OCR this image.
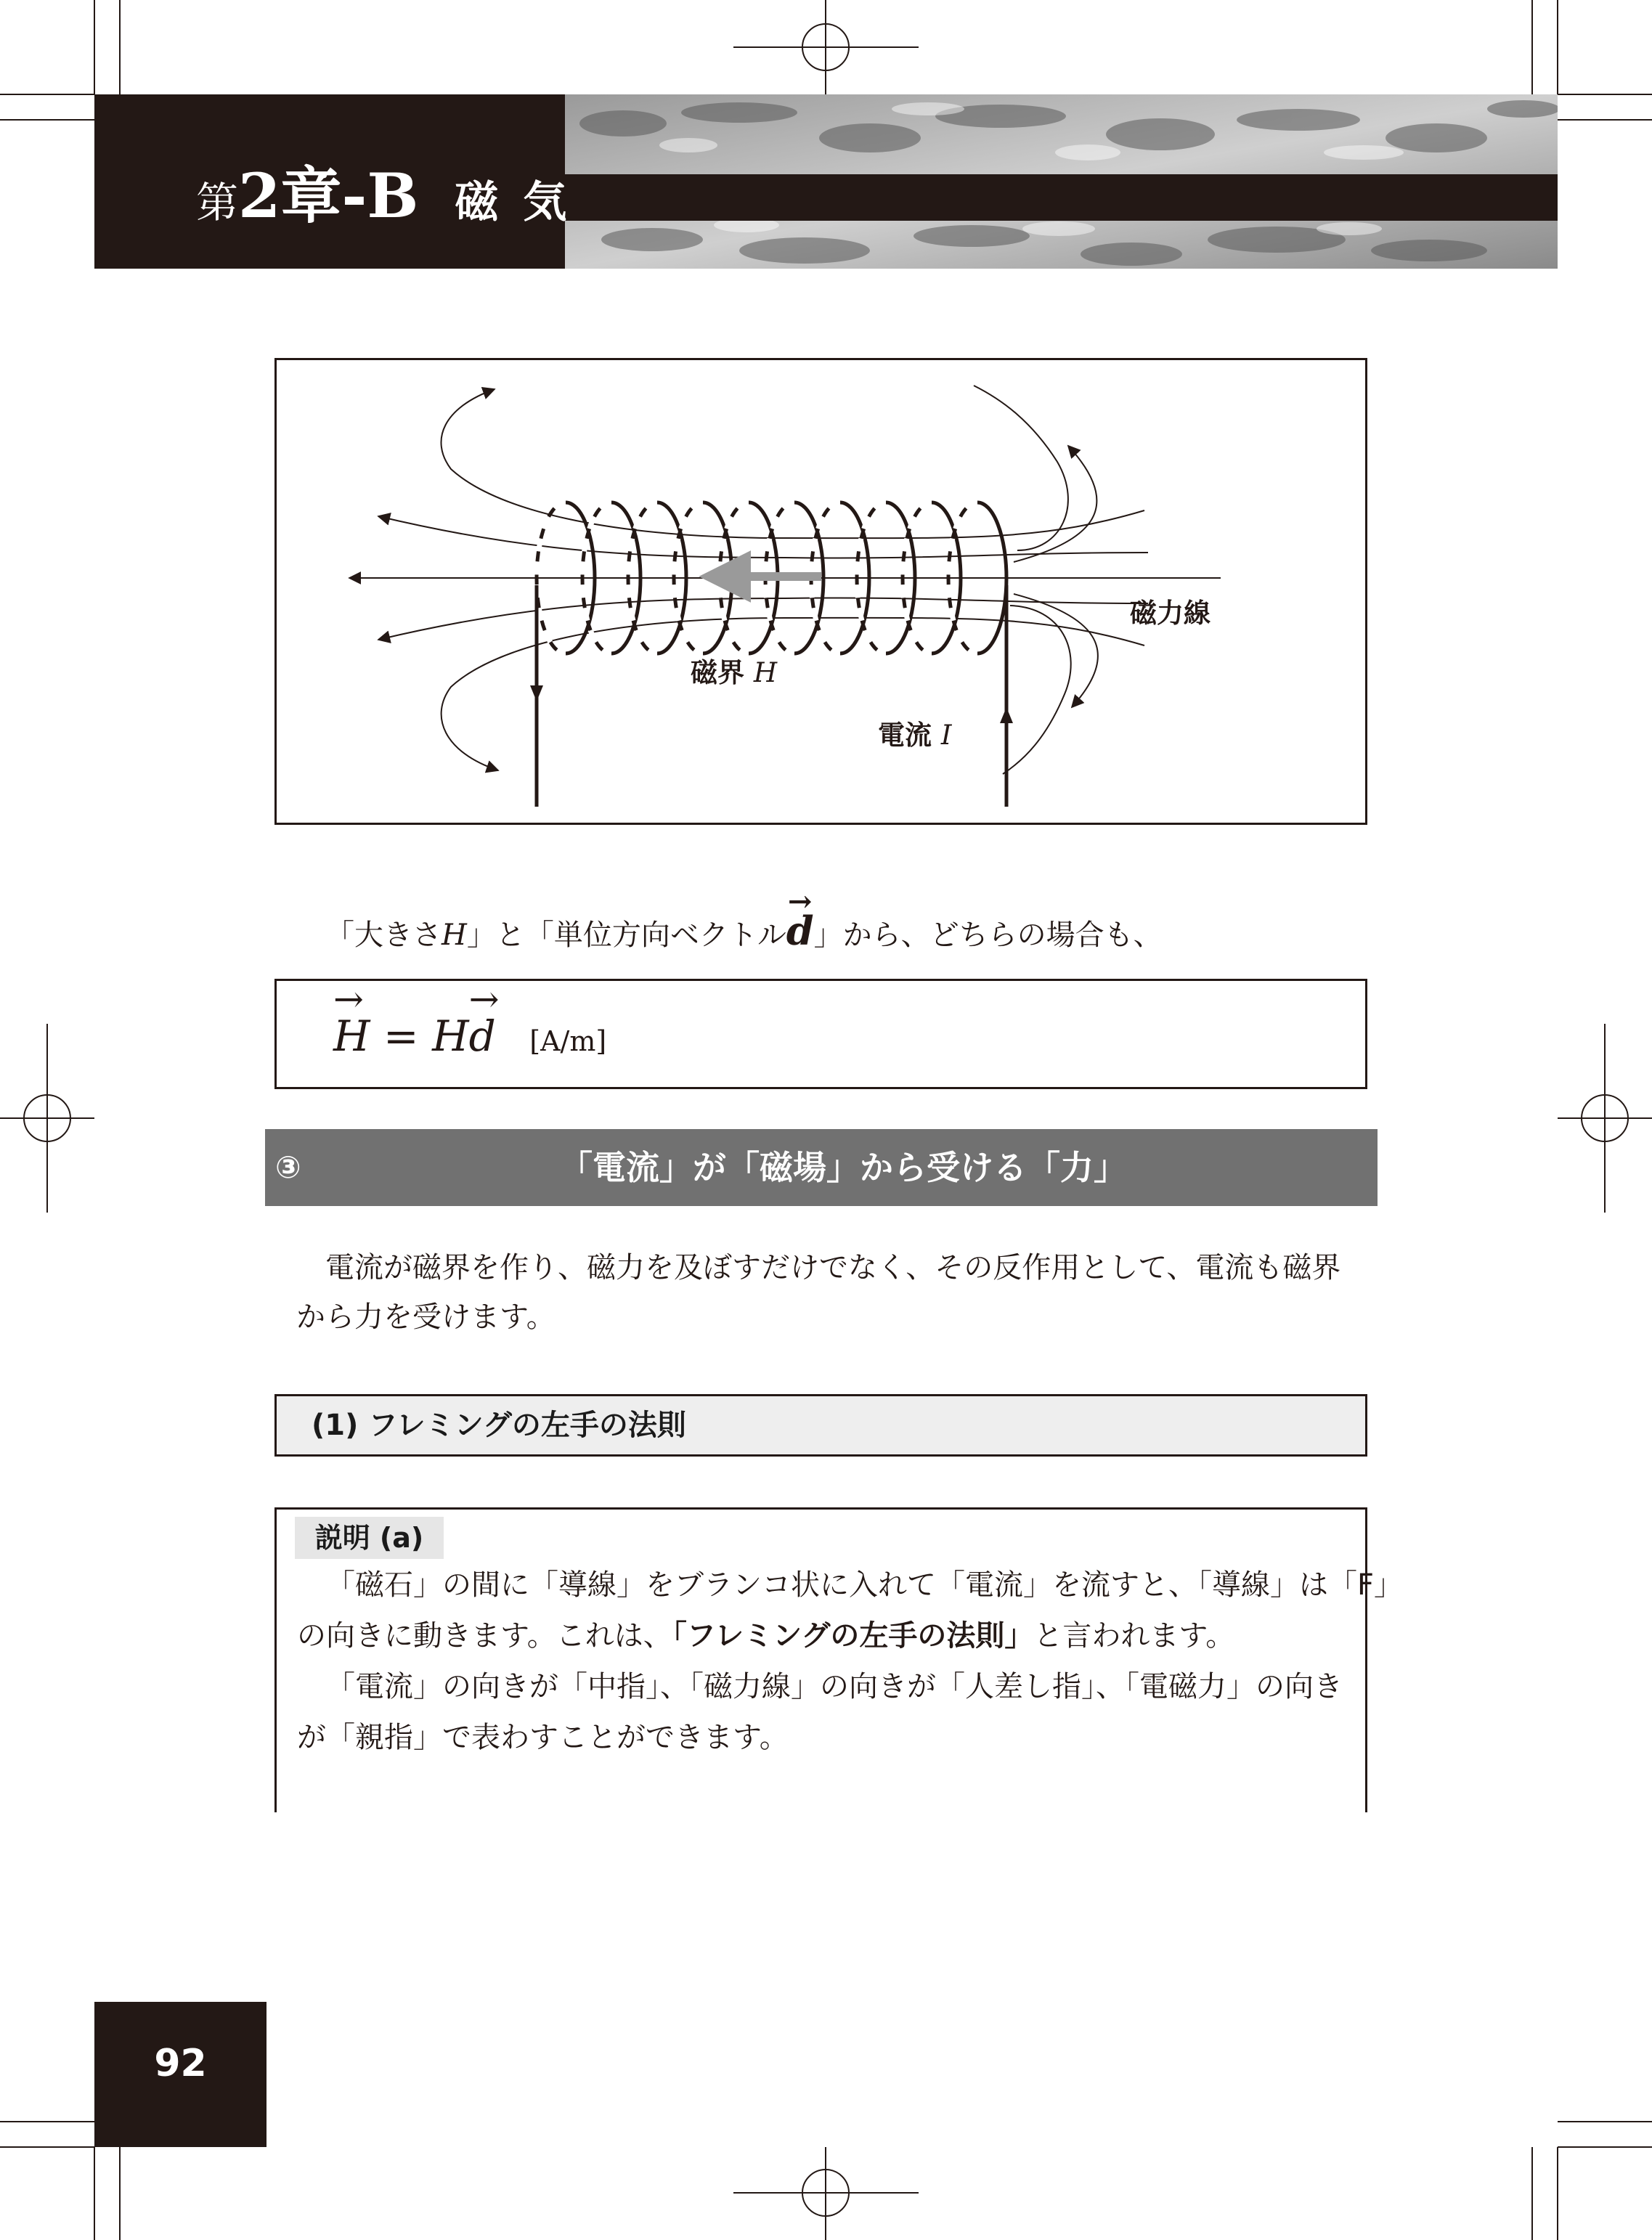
第2章-B 磁気
磁力線
磁界 H
電流 I
「大きさH」と「単位方向ベクトル→ d」から、どちらの場合も、
→ H = H→ d [A/m]
③	「電流」が「磁場」から受ける「力」
電流が磁界を作り、磁力を及ぼすだけでなく、その反作用として、電流も磁界
から力を受けます。
(1) フレミングの左手の法則
説明 (a)
「磁石」の間に「導線」をブランコ状に入れて「電流」を流すと、「導線」は「F」
の向きに動きます。これは、「フレミングの左手の法則」と言われます。
「電流」の向きが「中指」、「磁力線」の向きが「人差し指」、「電磁力」の向き
が「親指」で表わすことができます。
92
